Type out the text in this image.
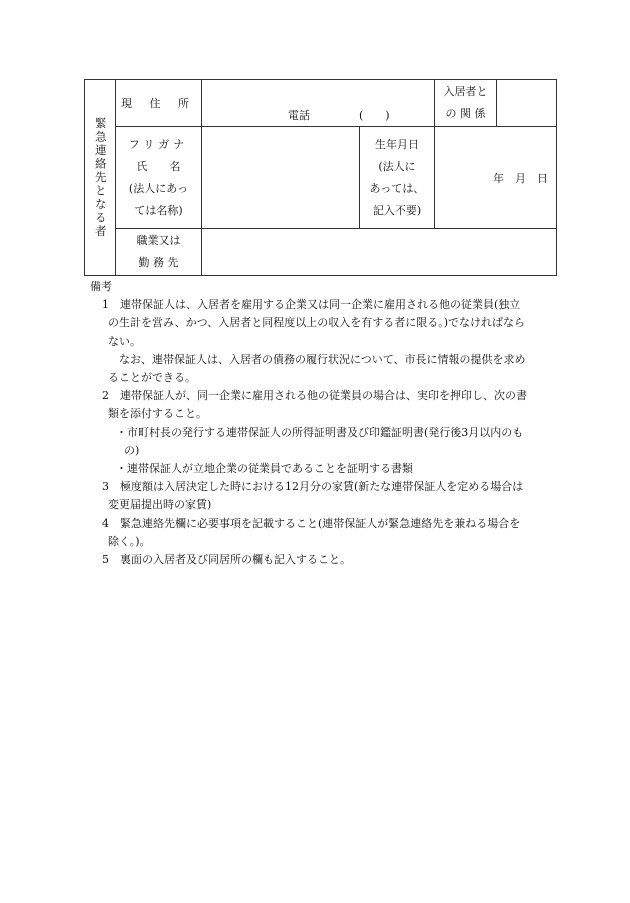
緊急連絡先となる者	現 住 所	電話 (　　)		入居者と
の 関 係	

	フリガナ
氏　　名
(法人にあっ
ては名称)		生年月日
(法人に
あっては、
記入不要)	年　月　日	

	職業又は
勤 務 先				

備考
1	連帯保証人は、入居者を雇用する企業又は同一企業に雇用される他の従業員(独立
の生計を営み、かつ、入居者と同程度以上の収入を有する者に限る。)でなければなら
ない。
なお、連帯保証人は、入居者の債務の履行状況について、市長に情報の提供を求め
ることができる。
2	連帯保証人が、同一企業に雇用される他の従業員の場合は、実印を押印し、次の書
類を添付すること。
・市町村長の発行する連帯保証人の所得証明書及び印鑑証明書(発行後3月以内のも
の)
・連帯保証人が立地企業の従業員であることを証明する書類
3	極度額は入居決定した時における12月分の家賃(新たな連帯保証人を定める場合は
変更届提出時の家賃)
4	緊急連絡先欄に必要事項を記載すること(連帯保証人が緊急連絡先を兼ねる場合を
除く。)。
5	裏面の入居者及び同居所の欄も記入すること。
